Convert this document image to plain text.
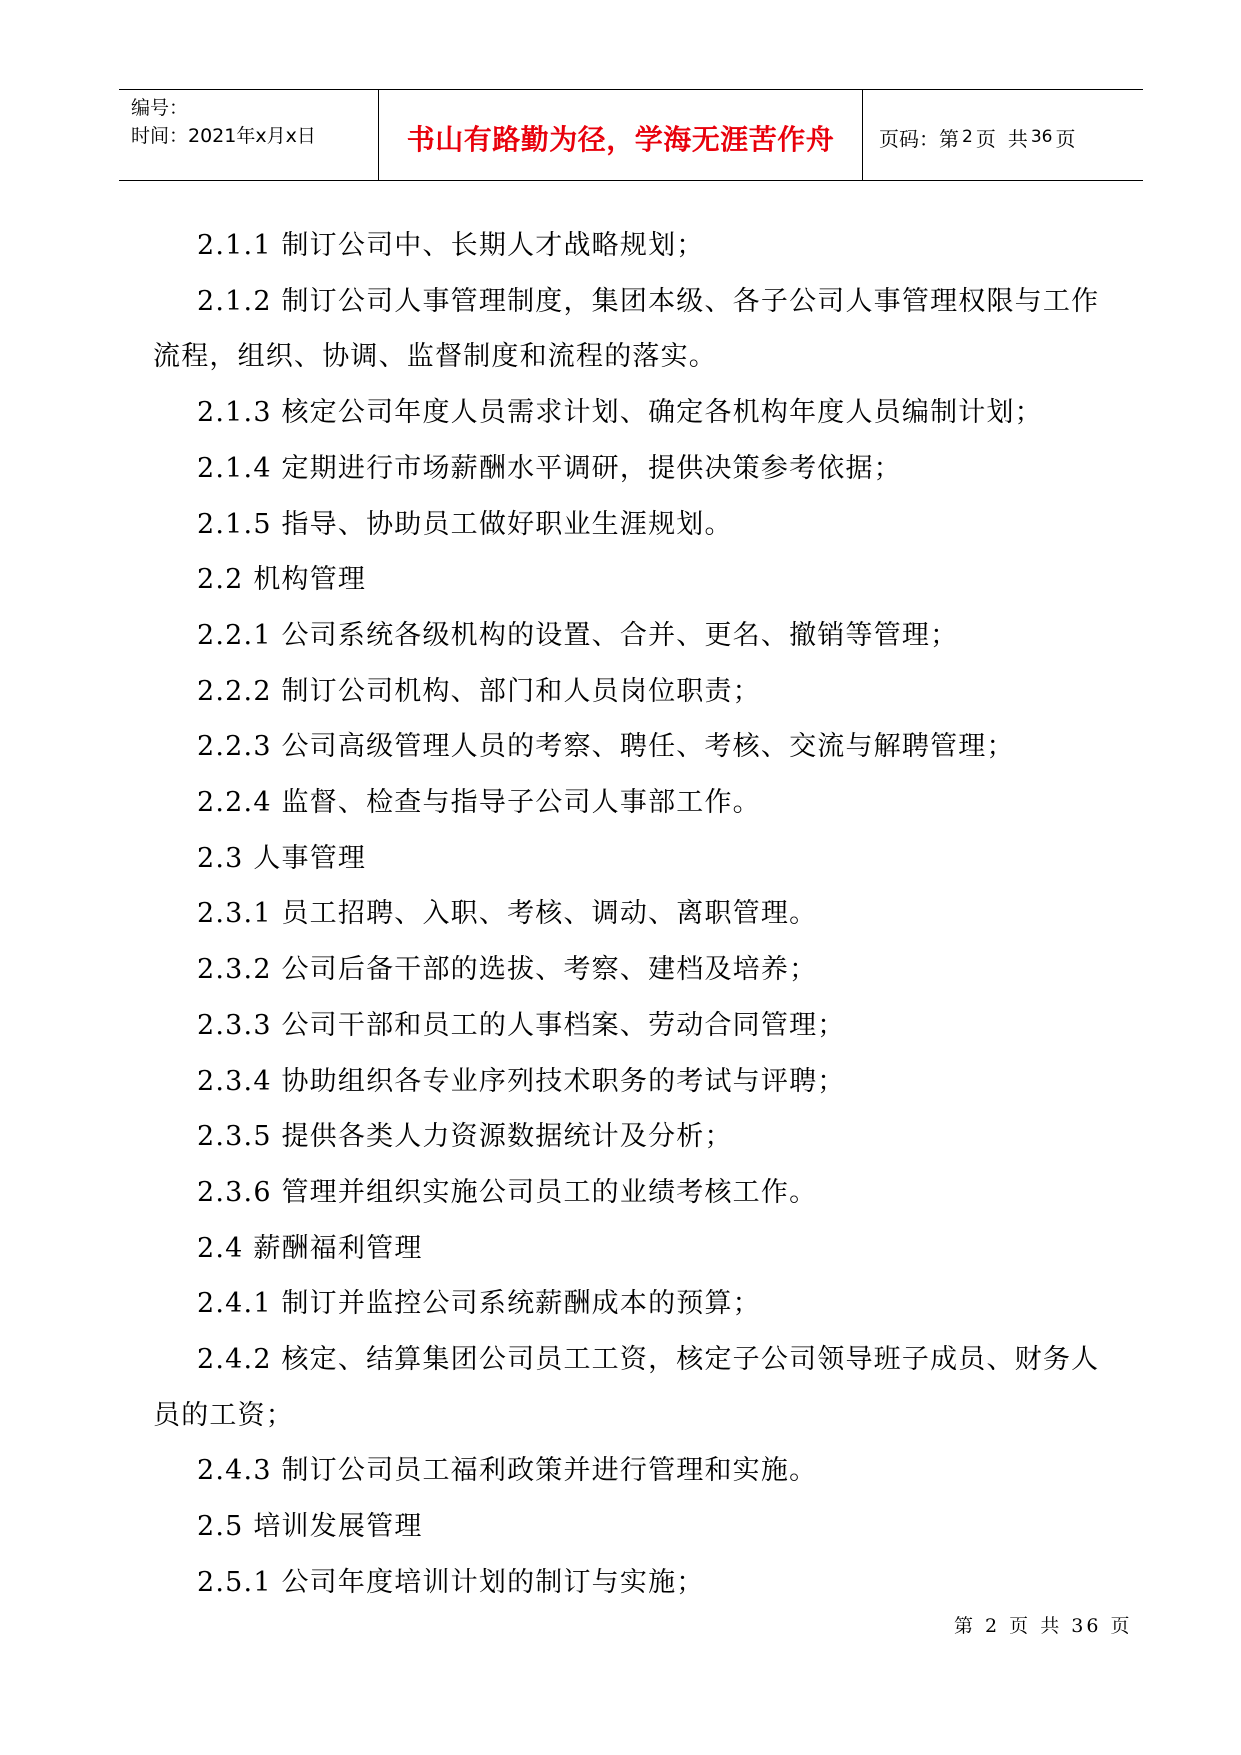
编号：
时间：2021年x月x日	书山有路勤为径，学海无涯苦作舟 页码：第 2 页 共 36 页

2.1.1 制订公司中、长期人才战略规划；

2.1.2 制订公司人事管理制度，集团本级、各子公司人事管理权限与工作流程，组织、协调、监督制度和流程的落实。

2.1.3 核定公司年度人员需求计划、确定各机构年度人员编制计划；

2.1.4 定期进行市场薪酬水平调研，提供决策参考依据；

2.1.5 指导、协助员工做好职业生涯规划。

2.2 机构管理

2.2.1 公司系统各级机构的设置、合并、更名、撤销等管理；

2.2.2 制订公司机构、部门和人员岗位职责；

2.2.3 公司高级管理人员的考察、聘任、考核、交流与解聘管理；

2.2.4 监督、检查与指导子公司人事部工作。

2.3 人事管理

2.3.1 员工招聘、入职、考核、调动、离职管理。

2.3.2 公司后备干部的选拔、考察、建档及培养；

2.3.3 公司干部和员工的人事档案、劳动合同管理；

2.3.4 协助组织各专业序列技术职务的考试与评聘；

2.3.5 提供各类人力资源数据统计及分析；

2.3.6 管理并组织实施公司员工的业绩考核工作。

2.4 薪酬福利管理

2.4.1 制订并监控公司系统薪酬成本的预算；

2.4.2 核定、结算集团公司员工工资，核定子公司领导班子成员、财务人员的工资；

2.4.3 制订公司员工福利政策并进行管理和实施。

2.5 培训发展管理

2.5.1 公司年度培训计划的制订与实施；

第 2 页 共 36 页
